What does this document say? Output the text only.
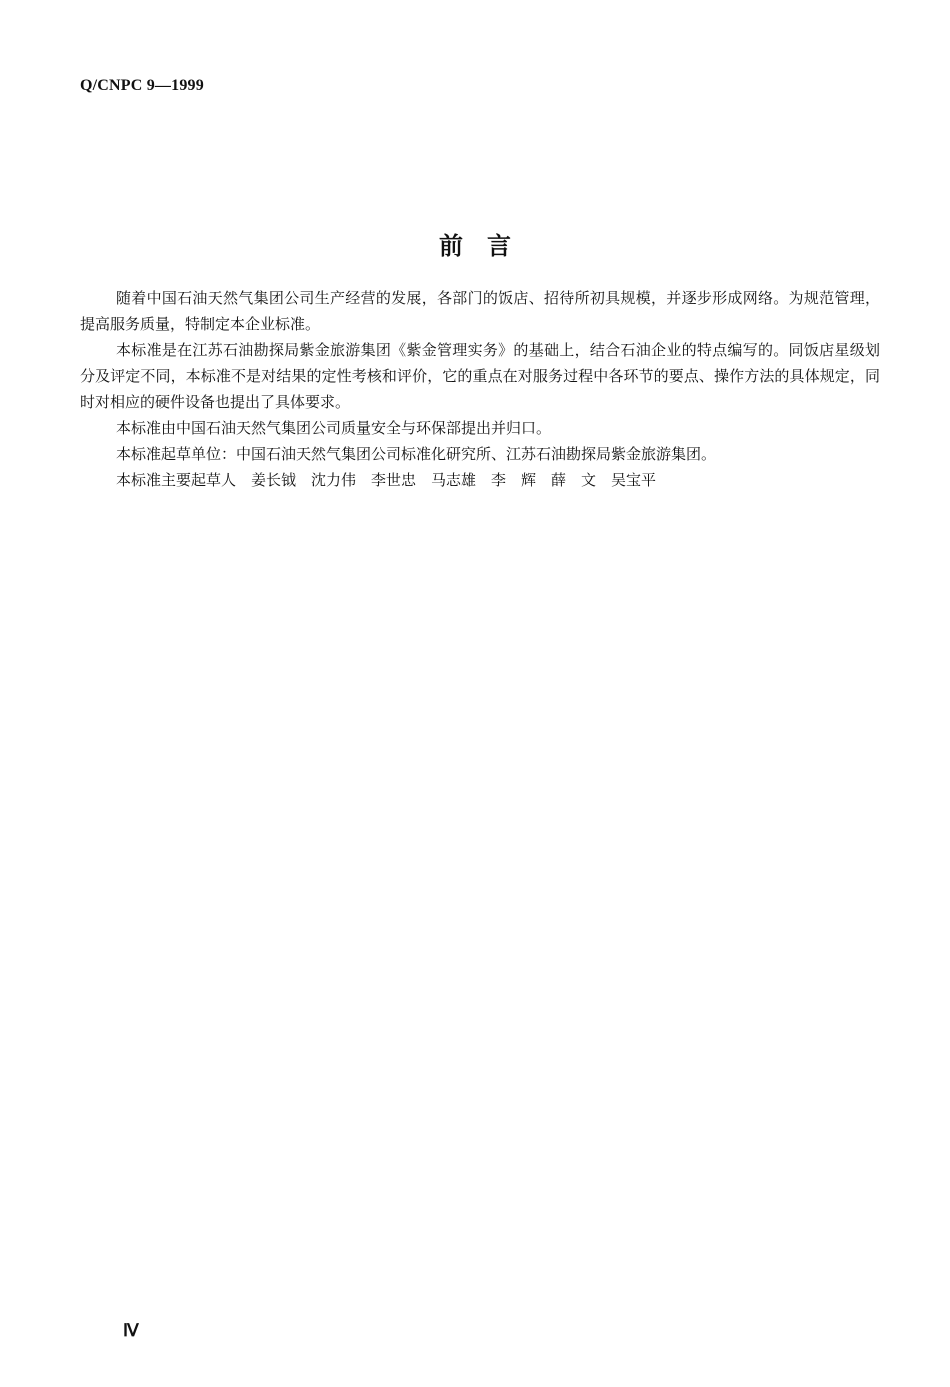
Q/CNPC 9—1999
前　言

随着中国石油天然气集团公司生产经营的发展，各部门的饭店、招待所初具规模，并逐步形成网络。为规范管理，提高服务质量，特制定本企业标准。

本标准是在江苏石油勘探局紫金旅游集团《紫金管理实务》的基础上，结合石油企业的特点编写的。同饭店星级划分及评定不同，本标准不是对结果的定性考核和评价，它的重点在对服务过程中各环节的要点、操作方法的具体规定，同时对相应的硬件设备也提出了具体要求。

本标准由中国石油天然气集团公司质量安全与环保部提出并归口。

本标准起草单位：中国石油天然气集团公司标准化研究所、江苏石油勘探局紫金旅游集团。

本标准主要起草人　姜长钺　沈力伟　李世忠　马志雄　李　辉　薛　文　吴宝平

Ⅳ
